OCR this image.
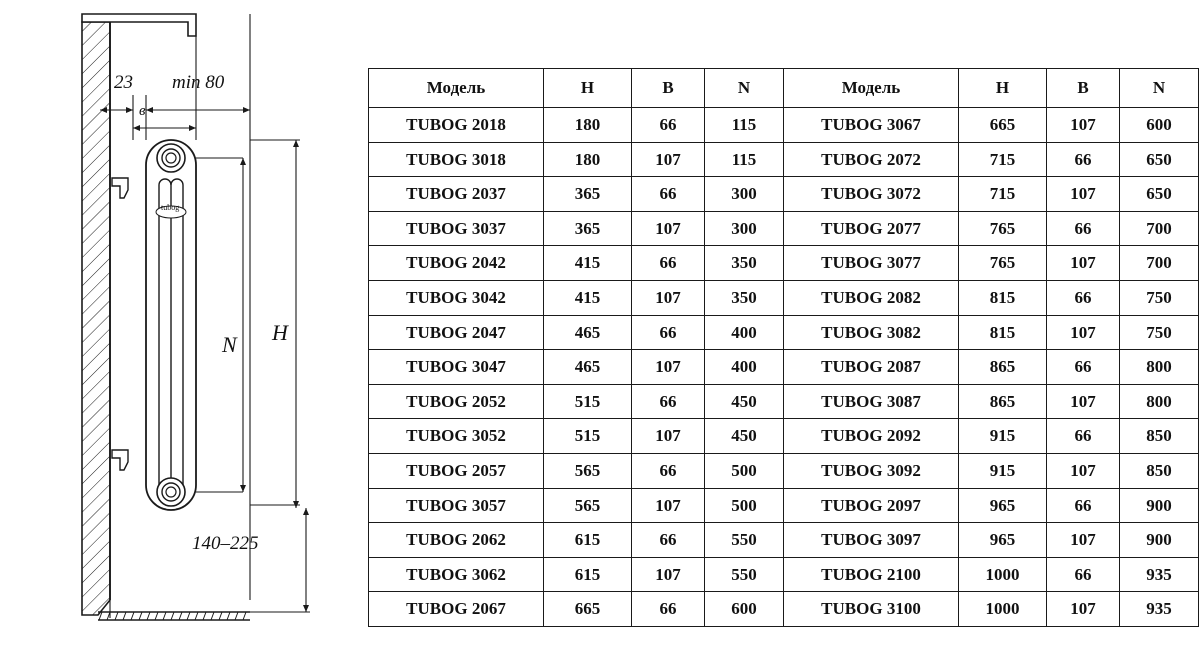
23 min 80
в
N H
140–225
tubog
Модель	H	B	N	Модель	H	B	N
TUBOG 2018	180	66	115	TUBOG 3067	665	107	600
TUBOG 3018	180	107	115	TUBOG 2072	715	66	650
TUBOG 2037	365	66	300	TUBOG 3072	715	107	650
TUBOG 3037	365	107	300	TUBOG 2077	765	66	700
TUBOG 2042	415	66	350	TUBOG 3077	765	107	700
TUBOG 3042	415	107	350	TUBOG 2082	815	66	750
TUBOG 2047	465	66	400	TUBOG 3082	815	107	750
TUBOG 3047	465	107	400	TUBOG 2087	865	66	800
TUBOG 2052	515	66	450	TUBOG 3087	865	107	800
TUBOG 3052	515	107	450	TUBOG 2092	915	66	850
TUBOG 2057	565	66	500	TUBOG 3092	915	107	850
TUBOG 3057	565	107	500	TUBOG 2097	965	66	900
TUBOG 2062	615	66	550	TUBOG 3097	965	107	900
TUBOG 3062	615	107	550	TUBOG 2100	1000	66	935
TUBOG 2067	665	66	600	TUBOG 3100	1000	107	935
